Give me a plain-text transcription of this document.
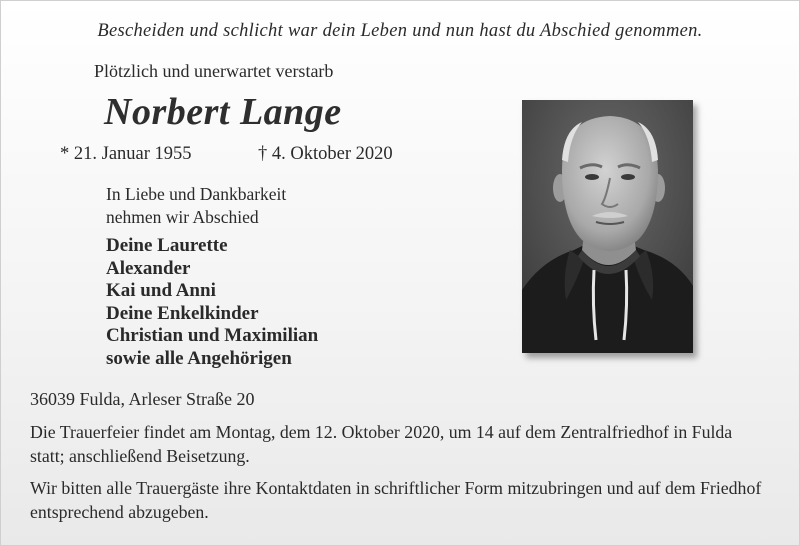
Bescheiden und schlicht war dein Leben und nun hast du Abschied genommen.
Plötzlich und unerwartet verstarb
Norbert Lange
* 21. Januar 1955	† 4. Oktober 2020
In Liebe und Dankbarkeit
nehmen wir Abschied
Deine Laurette
Alexander
Kai und Anni
Deine Enkelkinder
Christian und Maximilian
sowie alle Angehörigen
36039 Fulda, Arleser Straße 20
Die Trauerfeier findet am Montag, dem 12. Oktober 2020, um 14 auf dem Zentralfriedhof in Fulda statt; anschließend Beisetzung.
Wir bitten alle Trauergäste ihre Kontaktdaten in schriftlicher Form mitzubringen und auf dem Friedhof entsprechend abzugeben.
